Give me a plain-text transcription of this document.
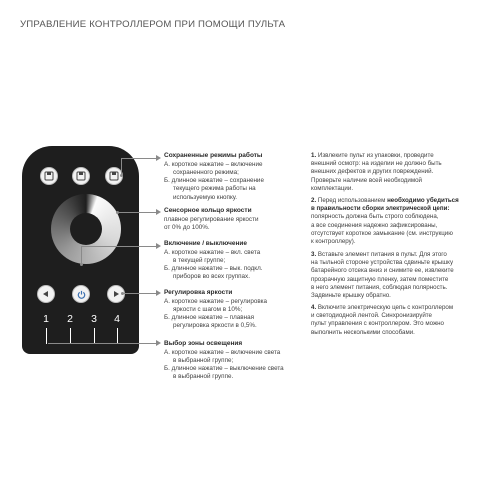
УПРАВЛЕНИЕ КОНТРОЛЛЕРОМ ПРИ ПОМОЩИ ПУЛЬТА
1 2 3 4
Сохраненные режимы работы

А. короткое нажатие – включение

сохраненного режима;

Б. длинное нажатие – сохранение

текущего режима работы на

используемую кнопку.

Сенсорное кольцо яркости

плавное регулирование яркости

от 0% до 100%.

Включение / выключение

А. короткое нажатие – вкл. света

в текущей группе;

Б. длинное нажатие – вык. подкл.

приборов во всех группах.

Регулировка яркости

А. короткое нажатие – регулировка

яркости с шагом в 10%;

Б. длинное нажатие – плавная

регулировка яркости в 0,5%.

Выбор зоны освещения

А. короткое нажатие – включение света

в выбранной группе;

Б. длинное нажатие – выключение света

в выбранной группе.

1. Извлеките пульт из упаковки, проведите

внешний осмотр: на изделии не должно быть

внешних дефектов и других повреждений.

Проверьте наличие всей необходимой

комплектации.

2. Перед использованием необходимо убедиться

в правильности сборки электрической цепи:

полярность должна быть строго соблюдена,

а все соединения надежно зафиксированы,

отсутствует короткое замыкание (см. инструкцию

к контроллеру).

3. Вставьте элемент питания в пульт. Для этого

на тыльной стороне устройства сдвиньте крышку

батарейного отсека вниз и снимите ее, извлеките

прозрачную защитную пленку, затем поместите

в него элемент питания, соблюдая полярность.

Задвиньте крышку обратно.

4. Включите электрическую цепь с контроллером

и светодиодной лентой. Синхронизируйте

пульт управления с контроллером. Это можно

выполнить несколькими способами.
